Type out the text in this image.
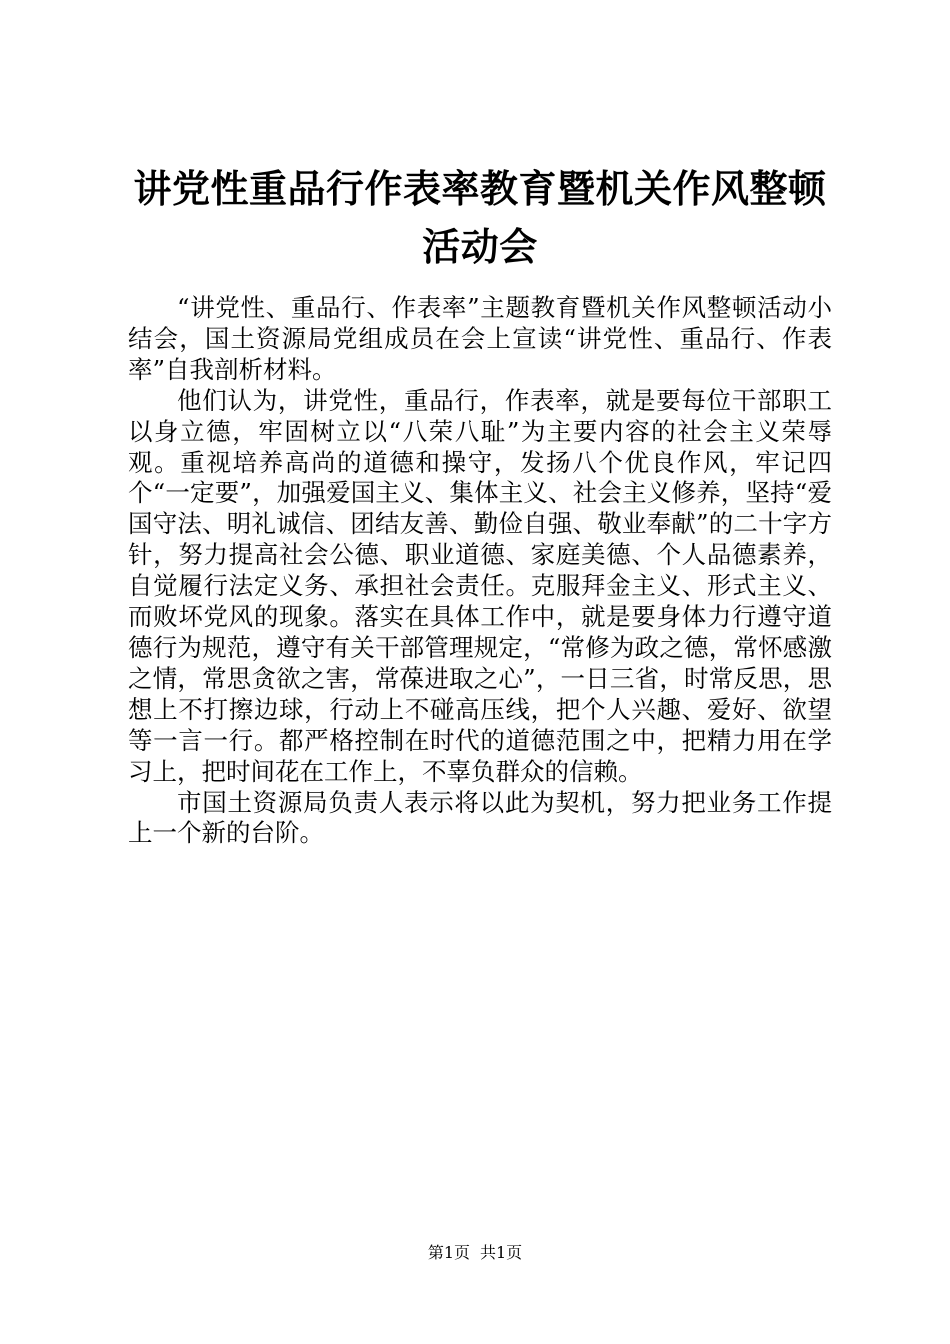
讲党性重品行作表率教育暨机关作风整顿活动会

“讲党性、重品行、作表率”主题教育暨机关作风整顿活动小结会，国土资源局党组成员在会上宣读“讲党性、重品行、作表率”自我剖析材料。

他们认为，讲党性，重品行，作表率，就是要每位干部职工以身立德，牢固树立以“八荣八耻”为主要内容的社会主义荣辱观。重视培养高尚的道德和操守，发扬八个优良作风，牢记四个“一定要”，加强爱国主义、集体主义、社会主义修养，坚持“爱国守法、明礼诚信、团结友善、勤俭自强、敬业奉献”的二十字方针，努力提高社会公德、职业道德、家庭美德、个人品德素养，自觉履行法定义务、承担社会责任。克服拜金主义、形式主义、而败坏党风的现象。落实在具体工作中，就是要身体力行遵守道德行为规范，遵守有关干部管理规定，“常修为政之德，常怀感激之情，常思贪欲之害，常葆进取之心”，一日三省，时常反思，思想上不打擦边球，行动上不碰高压线，把个人兴趣、爱好、欲望等一言一行。都严格控制在时代的道德范围之中，把精力用在学习上，把时间花在工作上，不辜负群众的信赖。

市国土资源局负责人表示将以此为契机，努力把业务工作提上一个新的台阶。

第1页 共1页
